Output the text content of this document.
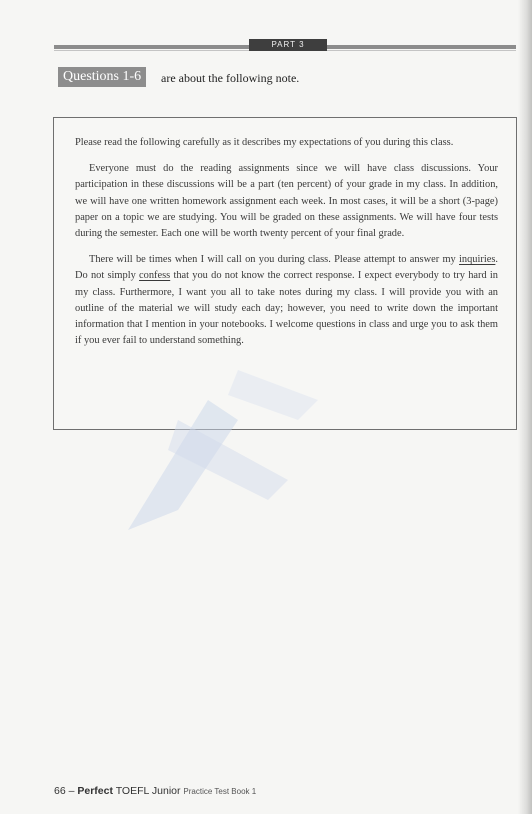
PART 3
Questions 1-6	are about the following note.

Please read the following carefully as it describes my expectations of you during this class.

Everyone must do the reading assignments since we will have class discussions. Your participation in these discussions will be a part (ten percent) of your grade in my class. In addition, we will have one written homework assignment each week. In most cases, it will be a short (3-page) paper on a topic we are studying. You will be graded on these assignments. We will have four tests during the semester. Each one will be worth twenty percent of your final grade.

There will be times when I will call on you during class. Please attempt to answer my inquiries. Do not simply confess that you do not know the correct response. I expect everybody to try hard in my class. Furthermore, I want you all to take notes during my class. I will provide you with an outline of the material we will study each day; however, you need to write down the important information that I mention in your notebooks. I welcome questions in class and urge you to ask them if you ever fail to understand something.

66 – Perfect TOEFL Junior Practice Test Book 1
